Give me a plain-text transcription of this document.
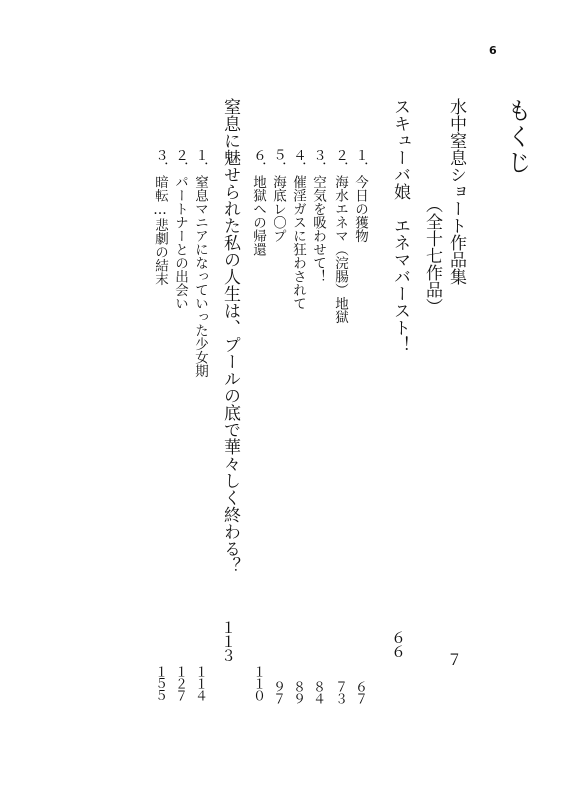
6
もくじ
水中窒息ショート作品集
（全十七作品）
７
スキューバ娘　エネマバースト！
６６
１．今日の獲物
２．海水エネマ（浣腸）地獄
３．空気を吸わせて！
４．催淫ガスに狂わされて
５．海底レ〇プ
６．地獄への帰還
６７
７３
８４
８９
９７
１１０
窒息に魅せられた私の人生は、プールの底で華々しく終わる？
１１３
１．窒息マニアになっていった少女期
２．パートナーとの出会い
３．暗転…悲劇の結末
１１４
１２７
１５５
